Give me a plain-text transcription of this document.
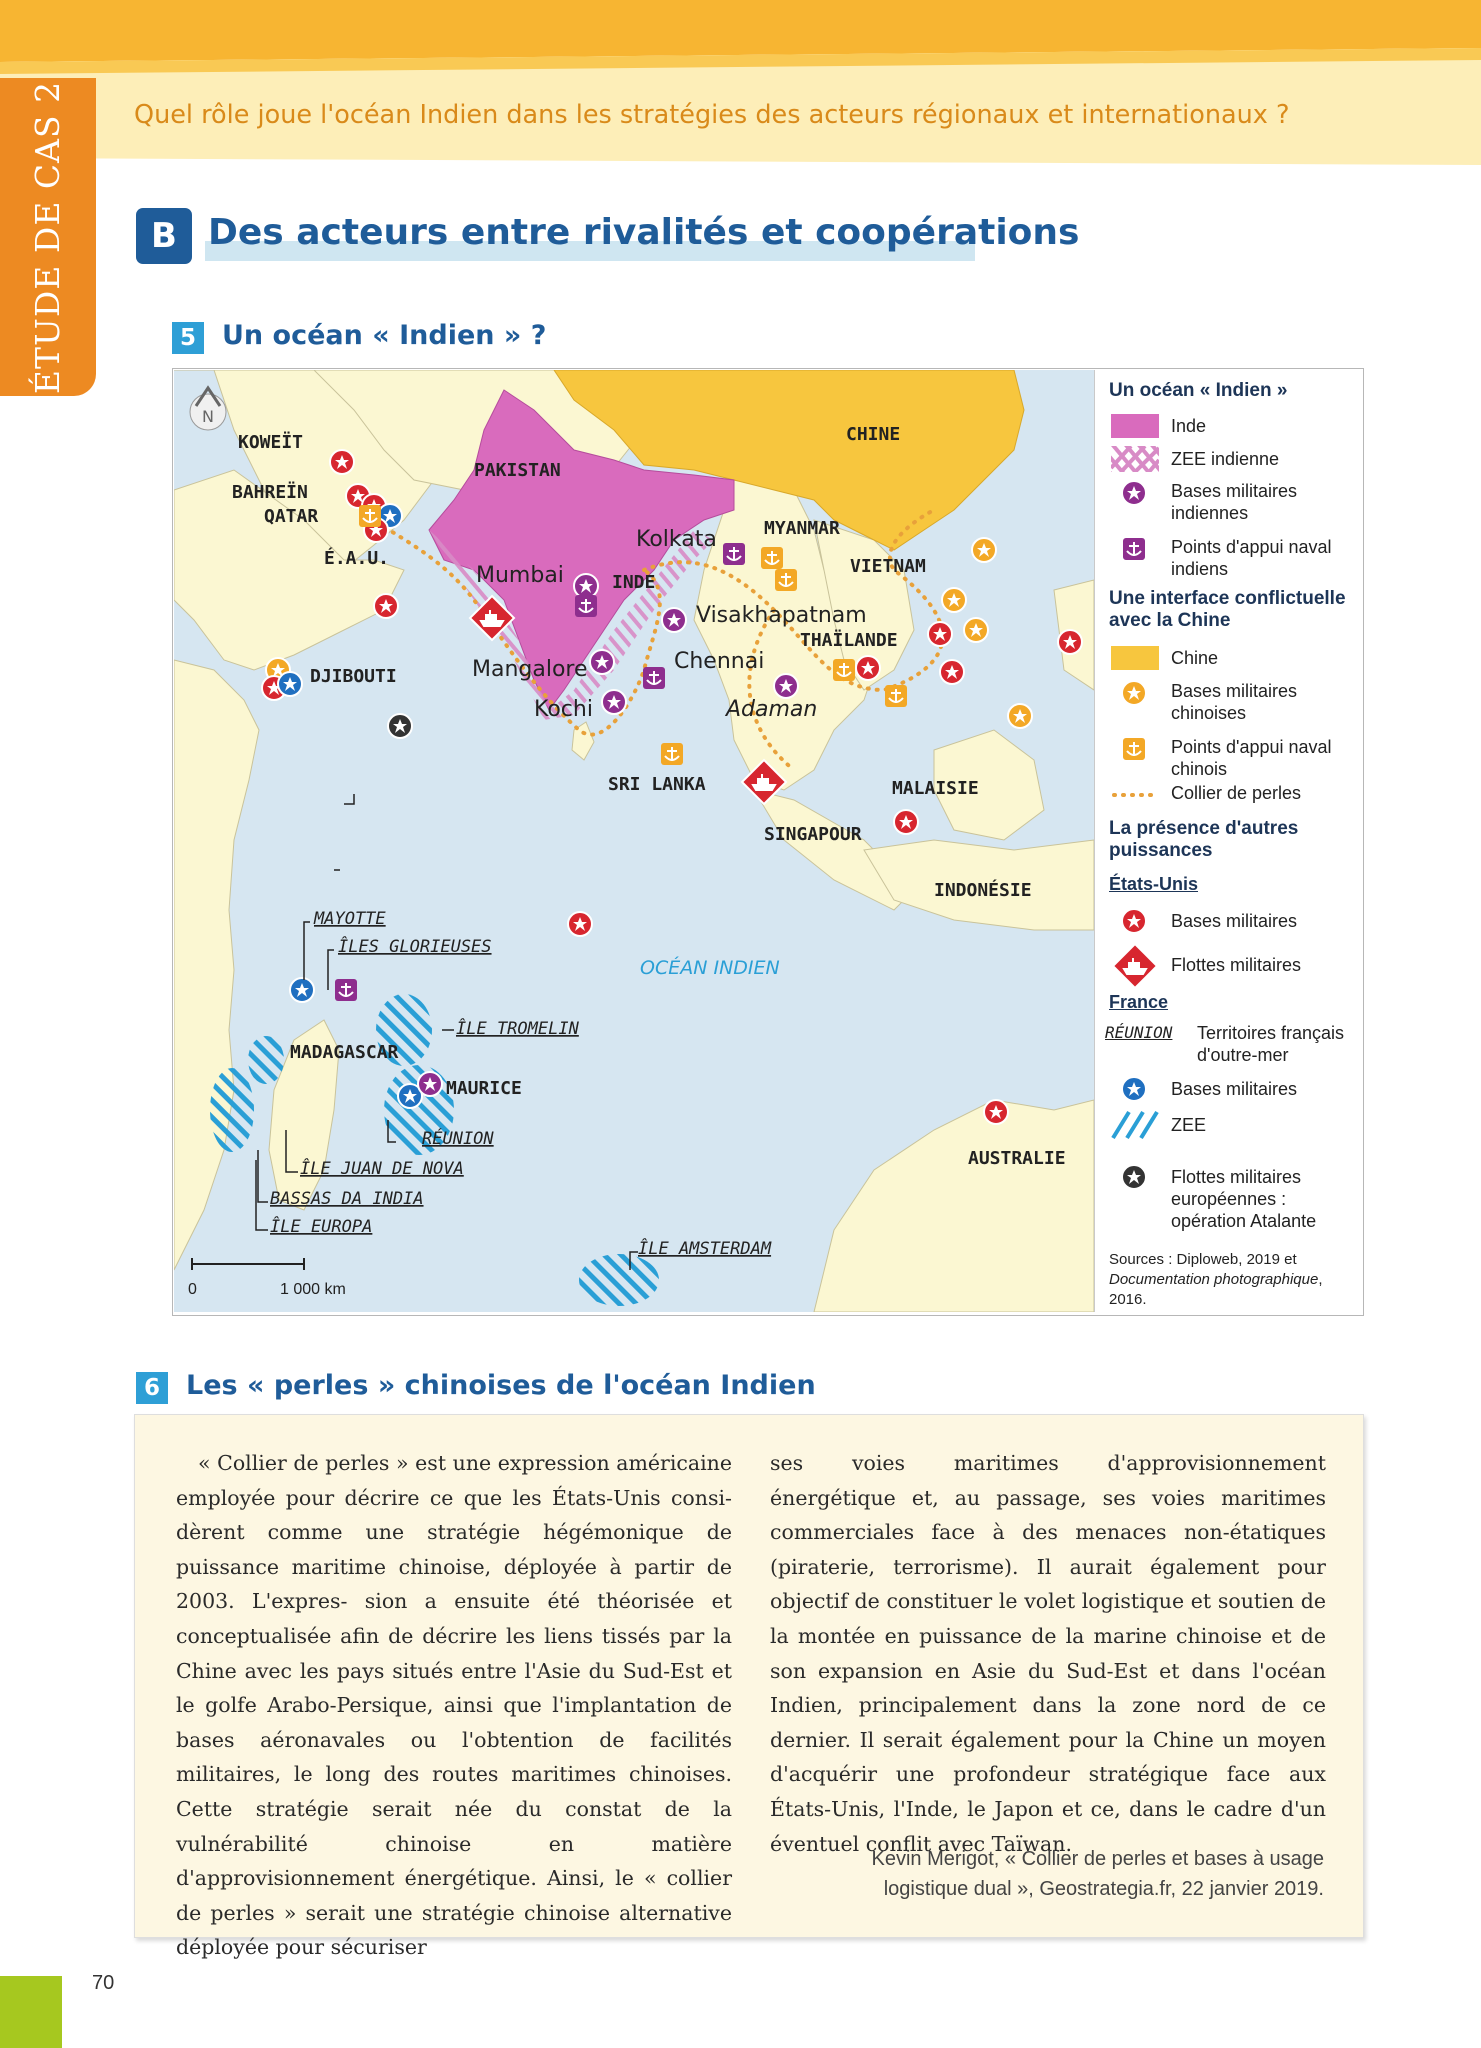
ÉTUDE DE CAS 2	Quel rôle joue l'océan Indien dans les stratégies des acteurs régionaux et internationaux ?
B Des acteurs entre rivalités et coopérations
5 Un océan « Indien » ?
N
KOWEÏT
BAHREÏN
QATAR
É.A.U.
PAKISTAN
INDE
CHINE
MYANMAR
VIETNAM
THAÏLANDE
DJIBOUTI
SRI LANKA	MALAISIE
SINGAPOUR
INDONÉSIE
MADAGASCAR
MAURICE
AUSTRALIE
Kolkata
Mumbai
Visakhapatnam
Chennai
Mangalore
Kochi	Adaman
OCÉAN INDIEN
MAYOTTE
ÎLES GLORIEUSES
ÎLE TROMELIN
RÉUNION
ÎLE JUAN DE NOVA
BASSAS DA INDIA
ÎLE EUROPA
ÎLE AMSTERDAM
0	1 000 km
Un océan « Indien »
Inde
ZEE indienne
Bases militaires indiennes
Points d'appui naval indiens
Une interface conflictuelle avec la Chine
Chine
Bases militaires chinoises
Points d'appui naval chinois
Collier de perles
La présence d'autres puissances
États-Unis
Bases militaires
Flottes militaires
France
RÉUNION Territoires français d'outre-mer
Bases militaires
ZEE
Flottes militaires européennes : opération Atalante
Sources : Diploweb, 2019 et Documentation photographique, 2016.
6 Les « perles » chinoises de l'océan Indien
« Collier de perles » est une expression américaine employée pour décrire ce que les États-Unis consi- dèrent comme une stratégie hégémonique de puissance maritime chinoise, déployée à partir de 2003. L'expres- sion a ensuite été théorisée et conceptualisée afin de décrire les liens tissés par la Chine avec les pays situés entre l'Asie du Sud-Est et le golfe Arabo-Persique, ainsi que l'implantation de bases aéronavales ou l'obtention de facilités militaires, le long des routes maritimes chinoises. Cette stratégie serait née du constat de la vulnérabilité chinoise en matière d'approvisionnement énergétique. Ainsi, le « collier de perles » serait une stratégie chinoise alternative déployée pour sécuriser

ses voies maritimes d'approvisionnement énergétique et, au passage, ses voies maritimes commerciales face à des menaces non-étatiques (piraterie, terrorisme). Il aurait également pour objectif de constituer le volet logistique et soutien de la montée en puissance de la marine chinoise et de son expansion en Asie du Sud-Est et dans l'océan Indien, principalement dans la zone nord de ce dernier. Il serait également pour la Chine un moyen d'acquérir une profondeur stratégique face aux États-Unis, l'Inde, le Japon et ce, dans le cadre d'un éventuel conflit avec Taïwan.

Kevin Merigot, « Collier de perles et bases à usage
logistique dual », Geostrategia.fr, 22 janvier 2019.
70
